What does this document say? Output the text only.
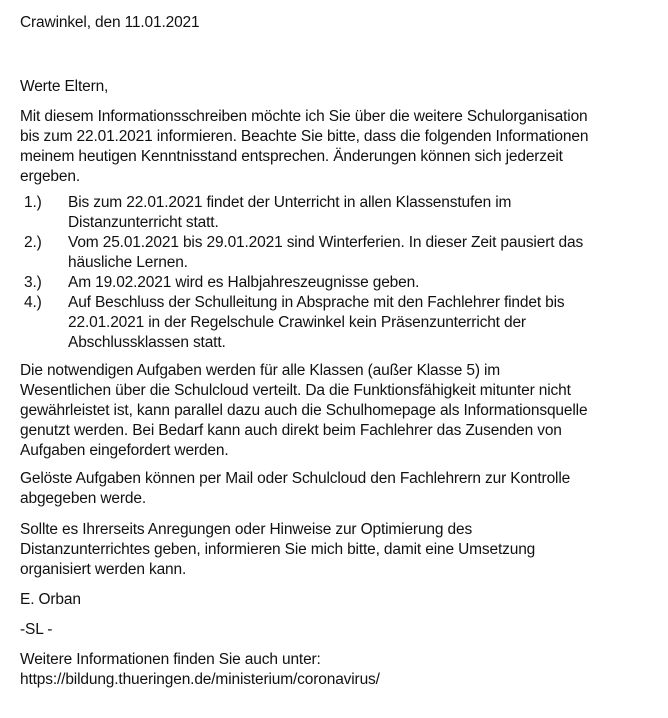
Crawinkel, den 11.01.2021

Werte Eltern,

Mit diesem Informationsschreiben möchte ich Sie über die weitere Schulorganisation
bis zum 22.01.2021 informieren. Beachte Sie bitte, dass die folgenden Informationen
meinem heutigen Kenntnisstand entsprechen. Änderungen können sich jederzeit
ergeben.

1.)	Bis zum 22.01.2021 findet der Unterricht in allen Klassenstufen im
Distanzunterricht statt.
2.)	Vom 25.01.2021 bis 29.01.2021 sind Winterferien. In dieser Zeit pausiert das
häusliche Lernen.
3.)	Am 19.02.2021 wird es Halbjahreszeugnisse geben.
4.)	Auf Beschluss der Schulleitung in Absprache mit den Fachlehrer findet bis
22.01.2021 in der Regelschule Crawinkel kein Präsenzunterricht der
Abschlussklassen statt.

Die notwendigen Aufgaben werden für alle Klassen (außer Klasse 5) im
Wesentlichen über die Schulcloud verteilt. Da die Funktionsfähigkeit mitunter nicht
gewährleistet ist, kann parallel dazu auch die Schulhomepage als Informationsquelle
genutzt werden. Bei Bedarf kann auch direkt beim Fachlehrer das Zusenden von
Aufgaben eingefordert werden.

Gelöste Aufgaben können per Mail oder Schulcloud den Fachlehrern zur Kontrolle
abgegeben werde.

Sollte es Ihrerseits Anregungen oder Hinweise zur Optimierung des
Distanzunterrichtes geben, informieren Sie mich bitte, damit eine Umsetzung
organisiert werden kann.

E. Orban

-SL -

Weitere Informationen finden Sie auch unter:
https://bildung.thueringen.de/ministerium/coronavirus/
